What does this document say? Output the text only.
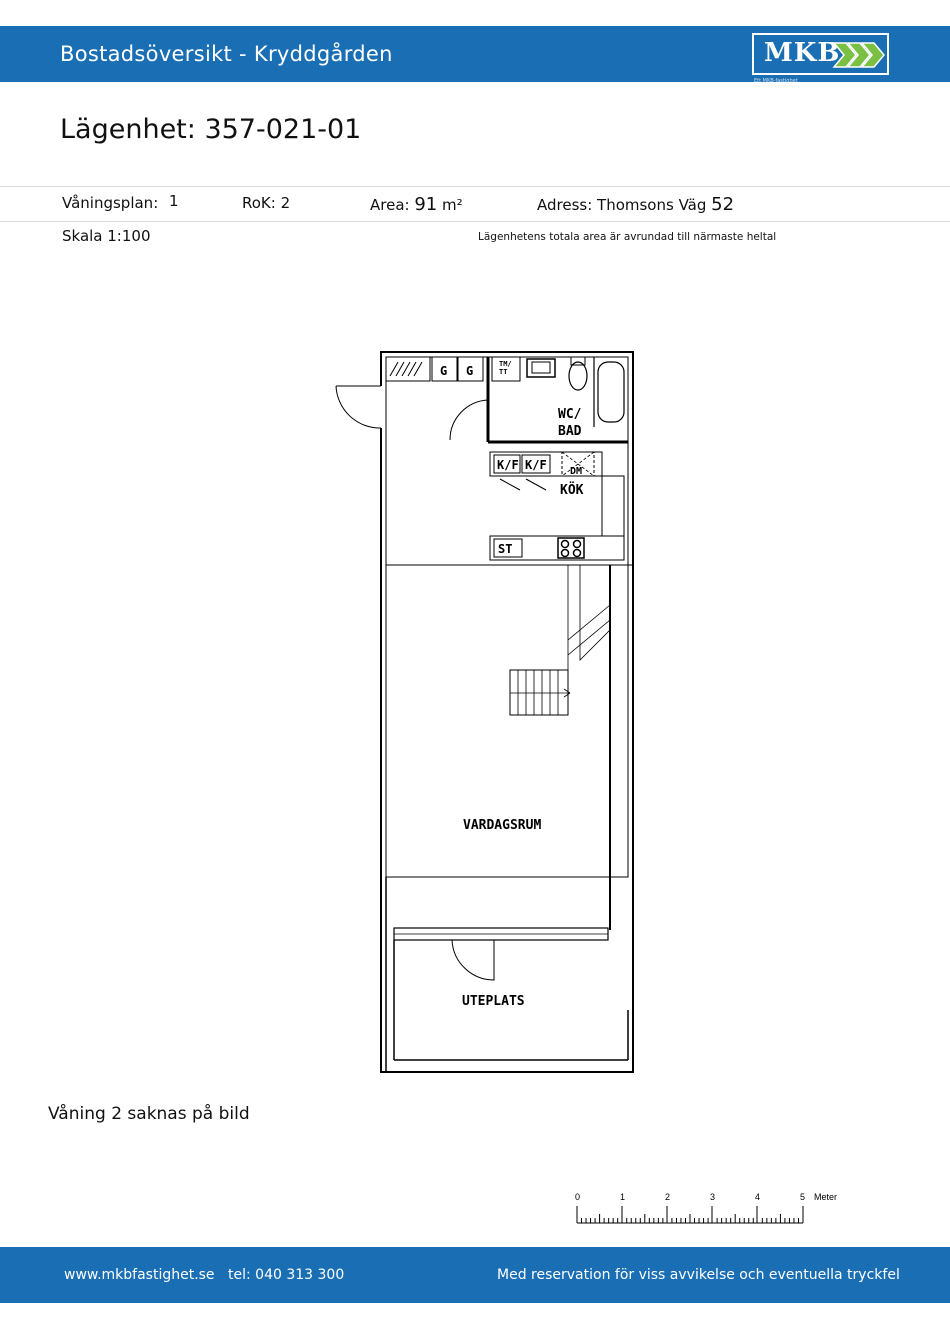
Bostadsöversikt - Kryddgården	MKB
Ett MKB-fastighet
Lägenhet: 357-021-01
Våningsplan: 1	RoK: 2	Area: 91 m²	Adress: Thomsons Väg 52
Skala 1:100	Lägenhetens totala area är avrundad till närmaste heltal
G G	TM/
TT
K/F K/F DM
ST
WC/
BAD
KÖK
VARDAGSRUM
UTEPLATS
Våning 2 saknas på bild
0	1	2	3	4	5 Meter
www.mkbfastighet.se tel: 040 313 300	Med reservation för viss avvikelse och eventuella tryckfel
